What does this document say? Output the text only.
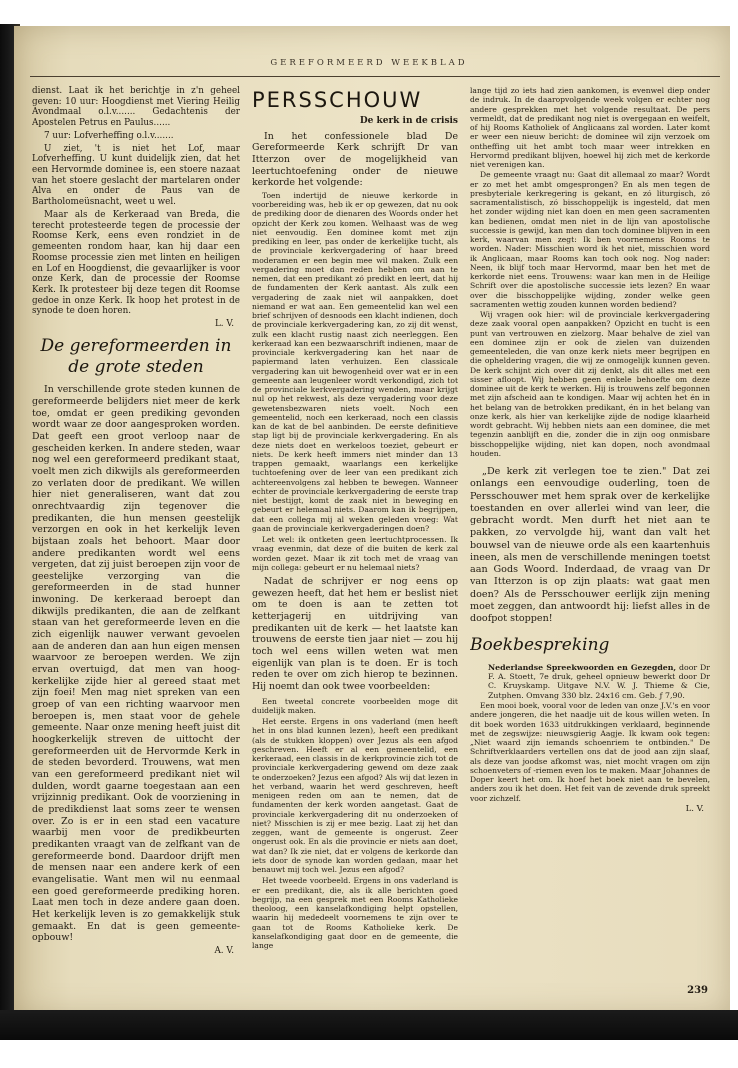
GEREFORMEERD WEEKBLAD

dienst. Laat ik het berichtje in z'n geheel geven: 10 uur: Hoogdienst met Viering Heilig Avondmaal o.l.v....... Gedachtenis der Apostelen Petrus en Paulus......

7 uur: Lofverheffing o.l.v.......

U ziet, 't is niet het Lof, maar Lofverheffing. U kunt duidelijk zien, dat het een Hervormde dominee is, een stoere nazaat van het stoere geslacht der martelaren onder Alva en onder de Paus van de Bartholomeüsnacht, weet u wel.

Maar als de Kerkeraad van Breda, die terecht protesteerde tegen de processie der Roomse Kerk, eens even rondziet in de gemeenten rondom haar, kan hij daar een Roomse processie zien met linten en heiligen en Lof en Hoogdienst, die gevaarlijker is voor onze Kerk, dan de processie der Roomse Kerk. Ik protesteer bij deze tegen dit Roomse gedoe in onze Kerk. Ik hoop het protest in de synode te doen horen.

L. V.
De gereformeerden in de grote steden

In verschillende grote steden kunnen de gereformeerde belijders niet meer de kerk toe, omdat er geen prediking gevonden wordt waar ze door aangesproken worden. Dat geeft een groot verloop naar de gescheiden kerken. In andere steden, waar nog wel een gereformeerd predikant staat, voelt men zich dikwijls als gereformeerden zo verlaten door de predikant. We willen hier niet generaliseren, want dat zou onrechtvaardig zijn tegenover die predikanten, die hun mensen geestelijk verzorgen en ook in het kerkelijk leven bijstaan zoals het behoort. Maar door andere predikanten wordt wel eens vergeten, dat zij juist beroepen zijn voor de geestelijke verzorging van die gereformeerden in de stad hunner inwoning. De kerkeraad beroept dan dikwijls predikanten, die aan de zelfkant staan van het gereformeerde leven en die zich eigenlijk nauwer verwant gevoelen aan de anderen dan aan hun eigen mensen waarvoor ze beroepen werden. We zijn ervan overtuigd, dat men van hoog-kerkelijke zijde hier al gereed staat met zijn foei! Men mag niet spreken van een groep of van een richting waarvoor men beroepen is, men staat voor de gehele gemeente. Naar onze mening heeft juist dit hoogkerkelijk streven de uittocht der gereformeerden uit de Hervormde Kerk in de steden bevorderd. Trouwens, wat men van een gereformeerd predikant niet wil dulden, wordt gaarne toegestaan aan een vrijzinnig predikant. Ook de voorziening in de predikdienst laat soms zeer te wensen over. Zo is er in een stad een vacature waarbij men voor de predikbeurten predikanten vraagt van de zelfkant van de gereformeerde bond. Daardoor drijft men de mensen naar een andere kerk of een evangelisatie. Want men wil nu eenmaal een goed gereformeerde prediking horen. Laat men toch in deze andere gaan doen. Het kerkelijk leven is zo gemakkelijk stuk gemaakt. En dat is geen gemeente-opbouw!

A. V.
PERSSCHOUW
De kerk in de crisis

In het confessionele blad De Gereformeerde Kerk schrijft Dr van Itterzon over de mogelijkheid van leertuchtoefening onder de nieuwe kerkorde het volgende:

Toen indertijd de nieuwe kerkorde in voorbereiding was, heb ik er op gewezen, dat nu ook de prediking door de dienaren des Woords onder het opzicht der Kerk zou komen. Welhaast was de weg niet eenvoudig. Een dominee komt met zijn prediking en leer, pas onder de kerkelijke tucht, als de provinciale kerkvergadering of haar breed moderamen er een begin mee wil maken. Zulk een vergadering moet dan reden hebben om aan te nemen, dat een predikant zó predikt en leert, dat hij de fundamenten der Kerk aantast. Als zulk een vergadering de zaak niet wil aanpakken, doet niemand er wat aan. Een gemeentelid kan wel een brief schrijven of desnoods een klacht indienen, doch de provinciale kerkvergadering kan, zo zij dit wenst, zulk een klacht rustig naast zich neerleggen. Een kerkeraad kan een bezwaarschrift indienen, maar de provinciale kerkvergadering kan het naar de papiermand laten verhuizen. Een classicale vergadering kan uit bewogenheid over wat er in een gemeente aan leugenleer wordt verkondigd, zich tot de provinciale kerkvergadering wenden, maar krijgt nul op het rekwest, als deze vergadering voor deze gewetensbezwaren niets voelt. Noch een gemeentelid, noch een kerkeraad, noch een classis kan de kat de bel aanbinden. De eerste definitieve stap ligt bij de provinciale kerkvergadering. En als deze niets doet en werkeloos toeziet, gebeurt er niets. De kerk heeft immers niet minder dan 13 trappen gemaakt, waarlangs een kerkelijke tuchtoefening over de leer van een predikant zich achtereenvolgens zal hebben te bewegen. Wanneer echter de provinciale kerkvergadering de eerste trap niet bestijgt, komt de zaak niet in beweging en gebeurt er helemaal niets. Daarom kan ik begrijpen, dat een collega mij al weken geleden vroeg: Wat gaan de provinciale kerkvergaderingen doen?

Let wel: ik ontketen geen leertuchtprocessen. Ik vraag evenmin, dat deze of die buiten de kerk zal worden gezet. Maar ik zit toch met de vraag van mijn collega: gebeurt er nu helemaal niets?

Nadat de schrijver er nog eens op gewezen heeft, dat het hem er beslist niet om te doen is aan te zetten tot ketterjagerij en uitdrijving van predikanten uit de kerk — het laatste kan trouwens de eerste tien jaar niet — zou hij toch wel eens willen weten wat men eigenlijk van plan is te doen. Er is toch reden te over om zich hierop te bezinnen. Hij noemt dan ook twee voorbeelden:

Een tweetal concrete voorbeelden moge dit duidelijk maken.

Het eerste. Ergens in ons vaderland (men heeft het in ons blad kunnen lezen), heeft een predikant (als de stukken kloppen) over Jezus als een afgod geschreven. Heeft er al een gemeentelid, een kerkeraad, een classis in de kerkprovincie zich tot de provinciale kerkvergadering gewend om deze zaak te onderzoeken? Jezus een afgod? Als wij dat lezen in het verband, waarin het werd geschreven, heeft menigeen reden om aan te nemen, dat de fundamenten der kerk worden aangetast. Gaat de provinciale kerkvergadering dit nu onderzoeken of niet? Misschien is zij er mee bezig. Laat zij het dan zeggen, want de gemeente is ongerust. Zeer ongerust ook. En als die provincie er niets aan doet, wat dan? Ik zie niet, dat er volgens de kerkorde dan iets door de synode kan worden gedaan, maar het benauwt mij toch wel. Jezus een afgod?

Het tweede voorbeeld. Ergens in ons vaderland is er een predikant, die, als ik alle berichten goed begrijp, na een gesprek met een Rooms Katholieke theoloog, een kanselafkondiging helpt opstellen, waarin hij mededeelt voornemens te zijn over te gaan tot de Rooms Katholieke kerk. De kanselafkondiging gaat door en de gemeente, die lange

lange tijd zo iets had zien aankomen, is evenwel diep onder de indruk. In de daaropvolgende week volgen er echter nog andere gesprekken met het volgende resultaat. De pers vermeldt, dat de predikant nog niet is overgegaan en weifelt, of hij Rooms Katholiek of Anglicaans zal worden. Later komt er weer een nieuw bericht: de dominee wil zijn verzoek om ontheffing uit het ambt toch maar weer intrekken en Hervormd predikant blijven, hoewel hij zich met de kerkorde niet verenigen kan.

De gemeente vraagt nu: Gaat dit allemaal zo maar? Wordt er zo met het ambt omgesprongen? En als men tegen de presbyteriale kerkregering is gekant, en zó liturgisch, zó sacramentalistisch, zó bisschoppelijk is ingesteld, dat men het zonder wijding niet kan doen en men geen sacramenten kan bedienen, omdat men niet in de lijn van apostolische successie is gewijd, kan men dan toch dominee blijven in een kerk, waarvan men zegt: Ik ben voornemens Rooms te worden. Nader: Misschien word ik het niet, misschien word ik Anglicaan, maar Rooms kan toch ook nog. Nog nader: Neen, ik blijf toch maar Hervormd, maar ben het met de kerkorde niet eens. Trouwens: waar kan men in de Heilige Schrift over die apostolische successie iets lezen? En waar over die bisschoppelijke wijding, zonder welke geen sacramenten wettig zouden kunnen worden bediend?

Wij vragen ook hier: wil de provinciale kerkvergadering deze zaak vooral open aanpakken? Opzicht en tucht is een punt van vertrouwen en zielzorg. Maar behalve de ziel van een dominee zijn er ook de zielen van duizenden gemeenteleden, die van onze kerk niets meer begrijpen en die opheldering vragen, die wij ze onmogelijk kunnen geven. De kerk schijnt zich over dit zij denkt, als dit alles met een sisser afloopt. Wij hebben geen enkele behoefte om deze dominee uit de kerk te werken. Hij is trouwens zelf begonnen met zijn afscheid aan te kondigen. Maar wij achten het én in het belang van de betrokken predikant, én in het belang van onze kerk, als hier van kerkelijke zijde de nodige klaarheid wordt gebracht. Wij hebben niets aan een dominee, die met tegenzin aanblijft en die, zonder die in zijn oog onmisbare bisschoppelijke wijding, niet kan dopen, noch avondmaal houden.

„De kerk zit verlegen toe te zien." Dat zei onlangs een eenvoudige ouderling, toen de Persschouwer met hem sprak over de kerkelijke toestanden en over allerlei wind van leer, die gebracht wordt. Men durft het niet aan te pakken, zo vervolgde hij, want dan valt het bouwsel van de nieuwe orde als een kaartenhuis ineen, als men de verschillende meningen toetst aan Gods Woord. Inderdaad, de vraag van Dr van Itterzon is op zijn plaats: wat gaat men doen? Als de Persschouwer eerlijk zijn mening moet zeggen, dan antwoordt hij: liefst alles in de doofpot stoppen!

Boekbespreking

Nederlandse Spreekwoorden en Gezegden, door Dr F. A. Stoett, 7e druk, geheel opnieuw bewerkt door Dr C. Kruyskamp. Uitgave N.V. W. J. Thieme & Cie, Zutphen. Omvang 330 blz. 24x16 cm. Geb. ƒ 7,90.

Een mooi boek, vooral voor de leden van onze J.V.'s en voor andere jongeren, die het naadje uit de kous willen weten. In dit boek worden 1633 uitdrukkingen verklaard, beginnende met de zegswijze: nieuwsgierig Aagje. Ik kwam ook tegen: „Niet waard zijn iemands schoenriem te ontbinden." De Schriftverklaarders vertellen ons dat de jood aan zijn slaaf, als deze van joodse afkomst was, niet mocht vragen om zijn schoenveters of -riemen even los te maken. Maar Johannes de Doper keert het om. Ik hoef het boek niet aan te bevelen, anders zou ik het doen. Het feit van de zevende druk spreekt voor zichzelf.

L. V.
239
